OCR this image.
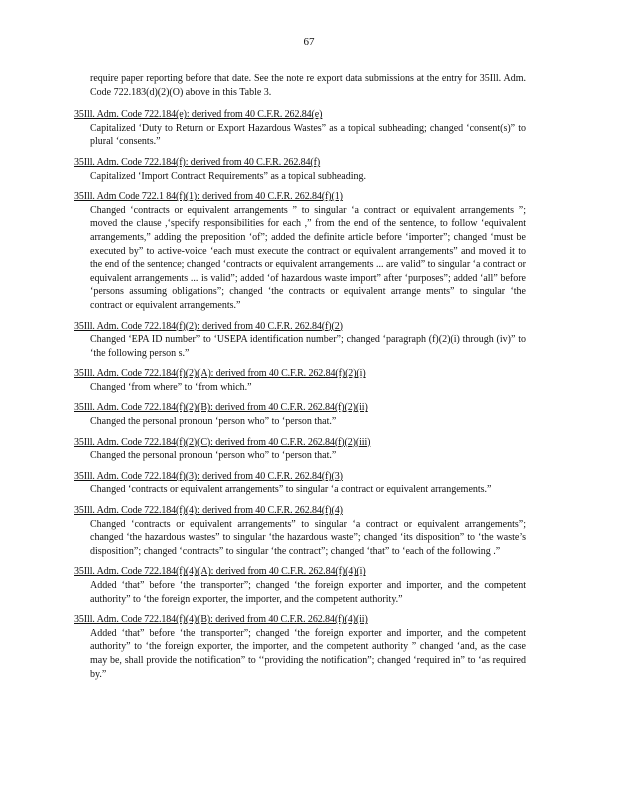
67
require paper reporting before that date. See the note re export data submissions at the entry for 35Ill. Adm. Code 722.183(d)(2)(O) above in this Table 3.
35Ill. Adm. Code 722.184(e): derived from 40 C.F.R. 262.84(e)
Capitalized ‘Duty to Return or Export Hazardous Wastes” as a topical subheading; changed ‘consent(s)” to plural ‘consents.”
35Ill. Adm. Code 722.184(f): derived from 40 C.F.R. 262.84(f)
Capitalized ‘Import Contract Requirements” as a topical subheading.
35Ill. Adm Code 722.1 84(f)(1): derived from 40 C.F.R. 262.84(f)(1)
Changed ‘contracts or equivalent arrangements ” to singular ‘a contract or equivalent arrangements ”; moved the clause ,‘specify responsibilities for each ,” from the end of the sentence, to follow ‘equivalent arrangements,” adding the preposition ‘of”; added the definite article before ‘importer”; changed ‘must be executed by” to active-voice ‘each must execute the contract or equivalent arrangements” and moved it to the end of the sentence; changed ‘contracts or equivalent arrangements ... are valid” to singular ‘a contract or equivalent arrangements ... is valid”; added ‘of hazardous waste import” after ‘purposes”; added ‘all” before ‘persons assuming obligations”; changed ‘the contracts or equivalent arrange ments” to singular ‘the contract or equivalent arrangements.”
35Ill. Adm. Code 722.184(f)(2): derived from 40 C.F.R. 262.84(f)(2)
Changed ‘EPA ID number” to ‘USEPA identification number”; changed ‘paragraph (f)(2)(i) through (iv)” to ‘the following person s.”
35Ill. Adm. Code 722.184(f)(2)(A): derived from 40 C.F.R. 262.84(f)(2)(i)
Changed ‘from where” to ‘from which.”
35Ill. Adm. Code 722.184(f)(2)(B): derived from 40 C.F.R. 262.84(f)(2)(ii)
Changed the personal pronoun ‘person who” to ‘person that.”
35Ill. Adm. Code 722.184(f)(2)(C): derived from 40 C.F.R. 262.84(f)(2)(iii)
Changed the personal pronoun ‘person who” to ‘person that.”
35Ill. Adm. Code 722.184(f)(3): derived from 40 C.F.R. 262.84(f)(3)
Changed ‘contracts or equivalent arrangements” to singular ‘a contract or equivalent arrangements.”
35Ill. Adm. Code 722.184(f)(4): derived from 40 C.F.R. 262.84(f)(4)
Changed ‘contracts or equivalent arrangements” to singular ‘a contract or equivalent arrangements”; changed ‘the hazardous wastes” to singular ‘the hazardous waste”; changed ‘its disposition” to ‘the waste’s disposition”; changed ‘contracts” to singular ‘the contract”; changed ‘that” to ‘each of the following .”
35Ill. Adm. Code 722.184(f)(4)(A): derived from 40 C.F.R. 262.84(f)(4)(i)
Added ‘that” before ‘the transporter”; changed ‘the foreign exporter and importer, and the competent authority” to ‘the foreign exporter, the importer, and the competent authority.”
35Ill. Adm. Code 722.184(f)(4)(B): derived from 40 C.F.R. 262.84(f)(4)(ii)
Added ‘that” before ‘the transporter”; changed ‘the foreign exporter and importer, and the competent authority” to ‘the foreign exporter, the importer, and the competent authority ” changed ‘and, as the case may be, shall provide the notification” to ‘‘providing the notification”; changed ‘required in” to ‘as required by.”
